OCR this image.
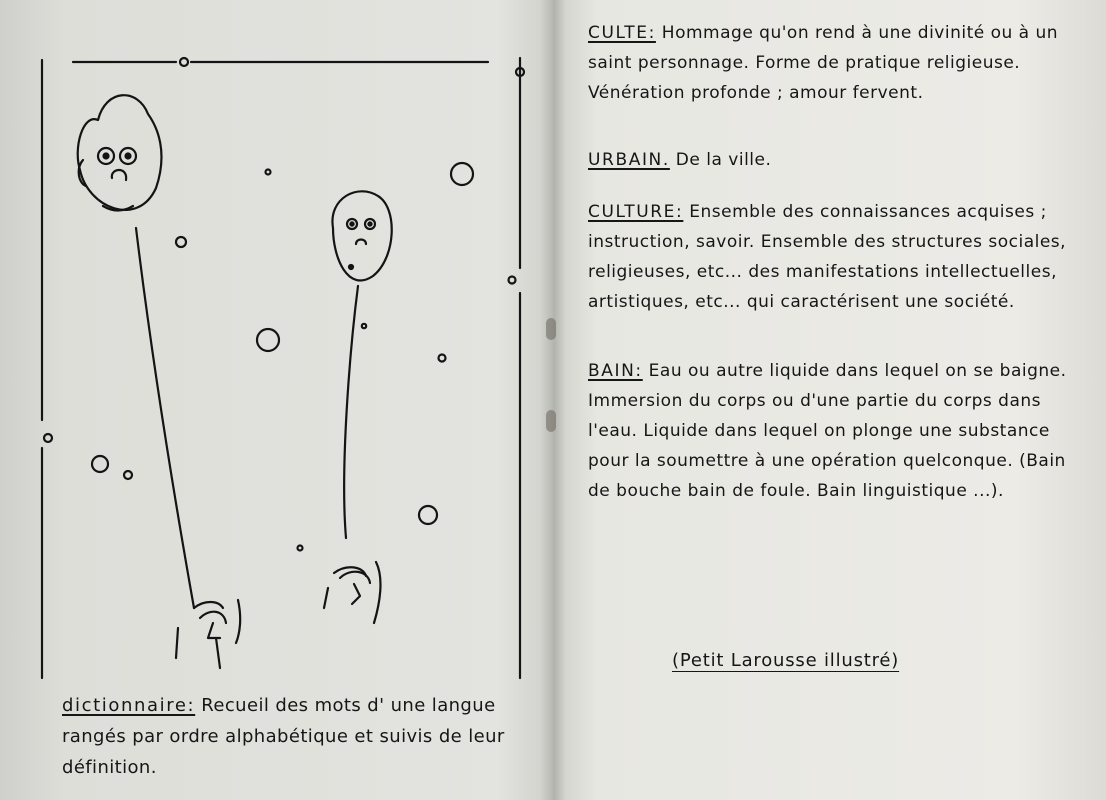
dictionnaire: Recueil des mots d' une langue rangés par ordre alphabétique et suivis de leur définition.

CULTE: Hommage qu'on rend à une divinité ou à un saint personnage. Forme de pratique religieuse. Vénération profonde ; amour fervent.

URBAIN. De la ville.

CULTURE: Ensemble des connaissances acquises ; instruction, savoir. Ensemble des structures sociales, religieuses, etc... des manifestations intellectuelles, artistiques, etc... qui caractérisent une société.

BAIN: Eau ou autre liquide dans lequel on se baigne. Immersion du corps ou d'une partie du corps dans l'eau. Liquide dans lequel on plonge une substance pour la soumettre à une opération quelconque. (Bain de bouche bain de foule. Bain linguistique ...).

(Petit Larousse illustré)
